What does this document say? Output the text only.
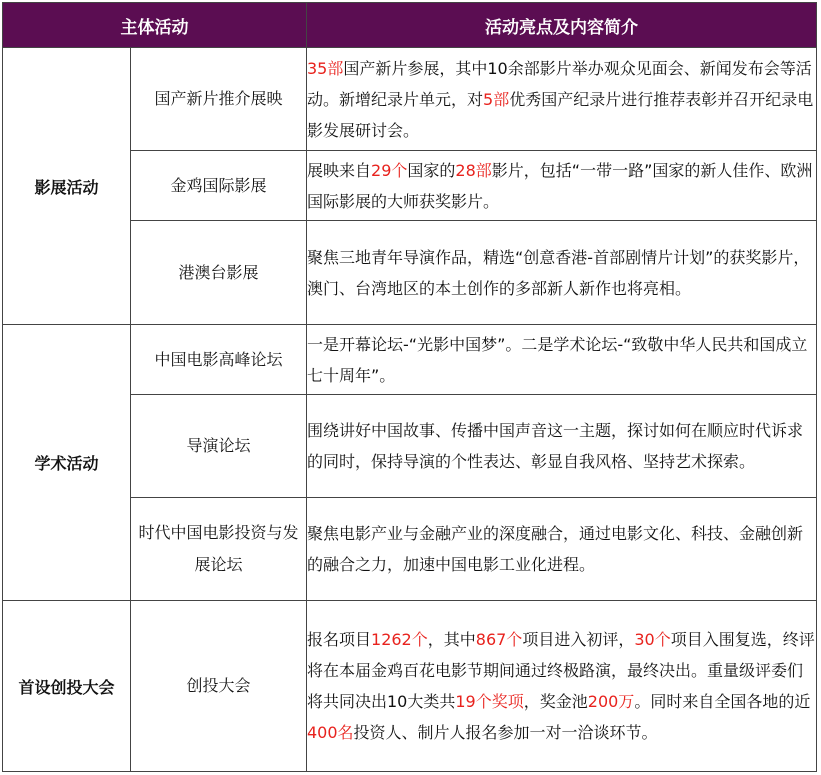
主体活动		活动亮点及内容简介
影展活动	国产新片推介展映	35部国产新片参展，其中10余部影片举办观众见面会、新闻发布会等活动。新增纪录片单元，对5部优秀国产纪录片进行推荐表彰并召开纪录电影发展研讨会。
	金鸡国际影展	展映来自29个国家的28部影片，包括“一带一路”国家的新人佳作、欧洲国际影展的大师获奖影片。
	港澳台影展	聚焦三地青年导演作品，精选“创意香港-首部剧情片计划”的获奖影片，澳门、台湾地区的本土创作的多部新人新作也将亮相。
学术活动	中国电影高峰论坛	一是开幕论坛-“光影中国梦”。二是学术论坛-“致敬中华人民共和国成立七十周年”。
	导演论坛	围绕讲好中国故事、传播中国声音这一主题，探讨如何在顺应时代诉求的同时，保持导演的个性表达、彰显自我风格、坚持艺术探索。
	时代中国电影投资与发展论坛	聚焦电影产业与金融产业的深度融合，通过电影文化、科技、金融创新的融合之力，加速中国电影工业化进程。
首设创投大会	创投大会	报名项目1262个，其中867个项目进入初评，30个项目入围复选，终评将在本届金鸡百花电影节期间通过终极路演，最终决出。重量级评委们将共同决出10大类共19个奖项，奖金池200万。同时来自全国各地的近400名投资人、制片人报名参加一对一洽谈环节。
